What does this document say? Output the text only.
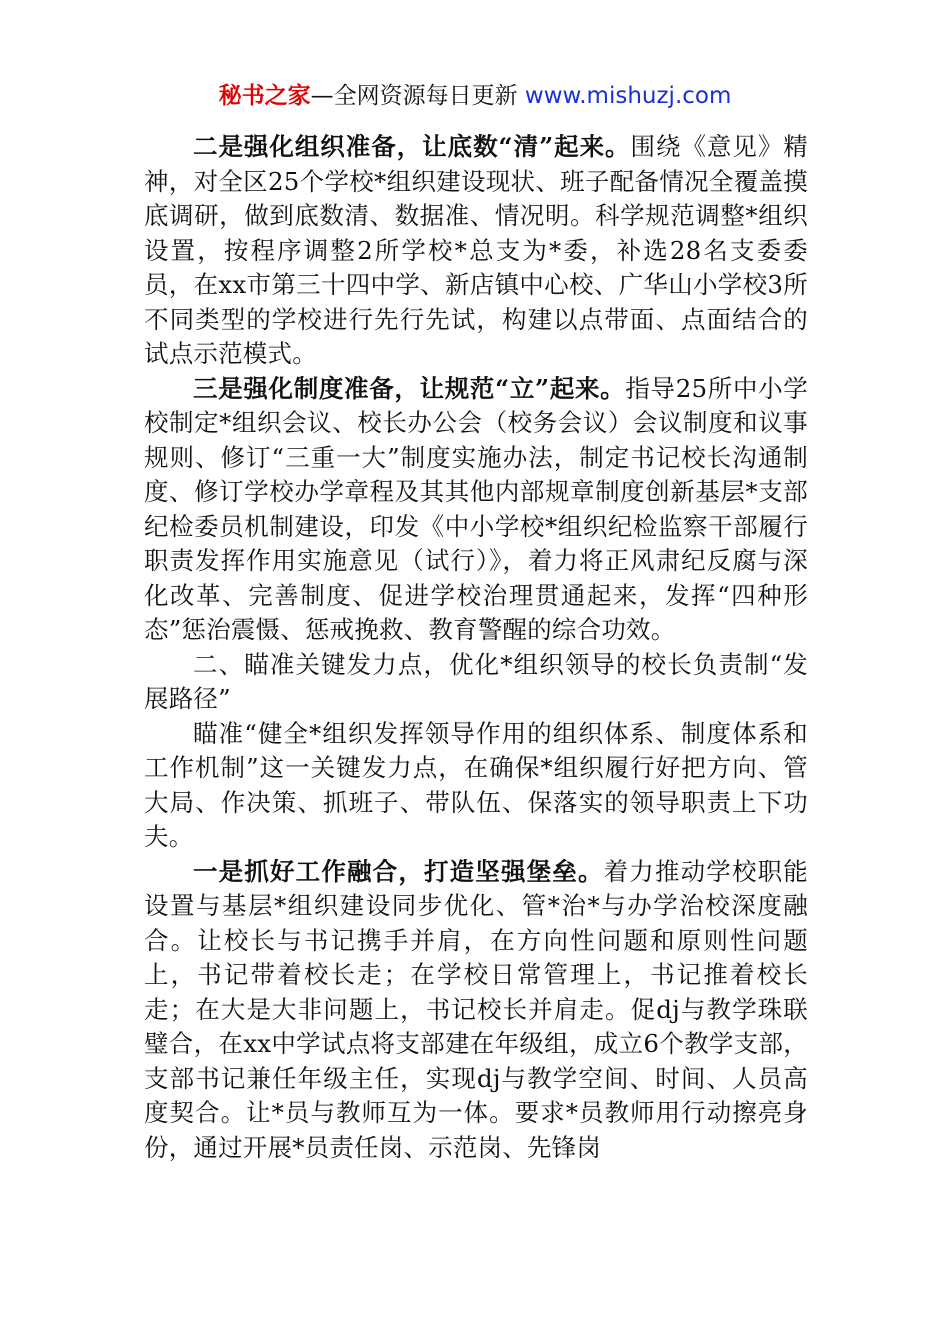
秘书之家—全网资源每日更新 www.mishuzj.com

二是强化组织准备，让底数“清”起来。围绕《意见》精神，对全区25个学校*组织建设现状、班子配备情况全覆盖摸底调研，做到底数清、数据准、情况明。科学规范调整*组织设置，按程序调整2所学校*总支为*委，补选28名支委委员，在xx市第三十四中学、新店镇中心校、广华山小学校3所不同类型的学校进行先行先试，构建以点带面、点面结合的试点示范模式。

三是强化制度准备，让规范“立”起来。指导25所中小学校制定*组织会议、校长办公会（校务会议）会议制度和议事规则、修订“三重一大”制度实施办法，制定书记校长沟通制度、修订学校办学章程及其其他内部规章制度创新基层*支部纪检委员机制建设，印发《中小学校*组织纪检监察干部履行职责发挥作用实施意见（试行）》，着力将正风肃纪反腐与深化改革、完善制度、促进学校治理贯通起来，发挥“四种形态”惩治震慑、惩戒挽救、教育警醒的综合功效。

二、瞄准关键发力点，优化*组织领导的校长负责制“发展路径”

瞄准“健全*组织发挥领导作用的组织体系、制度体系和工作机制”这一关键发力点，在确保*组织履行好把方向、管大局、作决策、抓班子、带队伍、保落实的领导职责上下功夫。

一是抓好工作融合，打造坚强堡垒。着力推动学校职能设置与基层*组织建设同步优化、管*治*与办学治校深度融合。让校长与书记携手并肩，在方向性问题和原则性问题上，书记带着校长走；在学校日常管理上，书记推着校长走；在大是大非问题上，书记校长并肩走。促dj与教学珠联璧合，在xx中学试点将支部建在年级组，成立6个教学支部，支部书记兼任年级主任，实现dj与教学空间、时间、人员高度契合。让*员与教师互为一体。要求*员教师用行动擦亮身份，通过开展*员责任岗、示范岗、先锋岗
